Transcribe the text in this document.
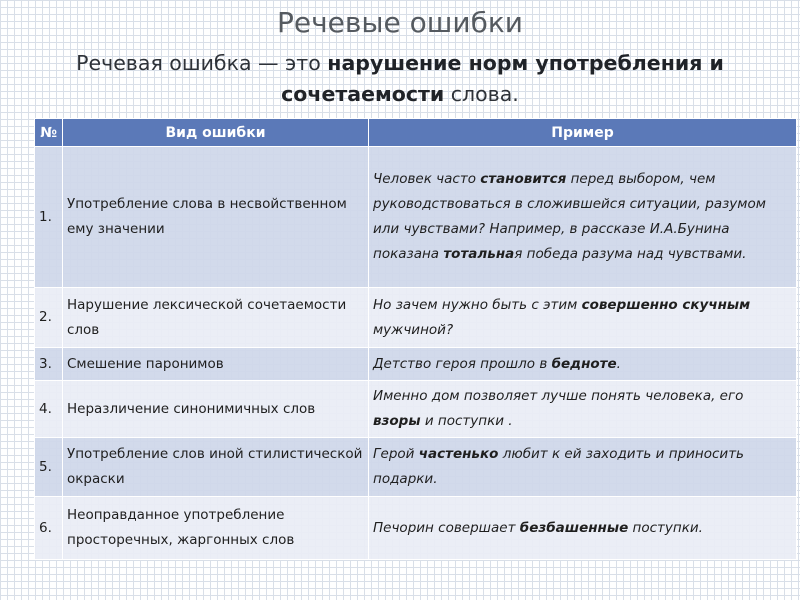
Речевые ошибки
Речевая ошибка — это нарушение норм употребления и
сочетаемости слова.
№	Вид ошибки	Пример
1.	Употребление слова в несвойственном ему значении	Человек часто становится перед выбором, чем руководствоваться в сложившейся ситуации, разумом или чувствами? Например, в рассказе И.А.Бунина показана тотальная победа разума над чувствами.
2.	Нарушение лексической сочетаемости слов	Но зачем нужно быть с этим совершенно скучным мужчиной?
3.	Смешение паронимов	Детство героя прошло в бедноте.
4.	Неразличение синонимичных слов	Именно дом позволяет лучше понять человека, его взоры и поступки .
5.	Употребление слов иной стилистической окраски	Герой частенько любит к ей заходить и приносить подарки.
6.	Неоправданное употребление просторечных, жаргонных слов	Печорин совершает безбашенные поступки.
